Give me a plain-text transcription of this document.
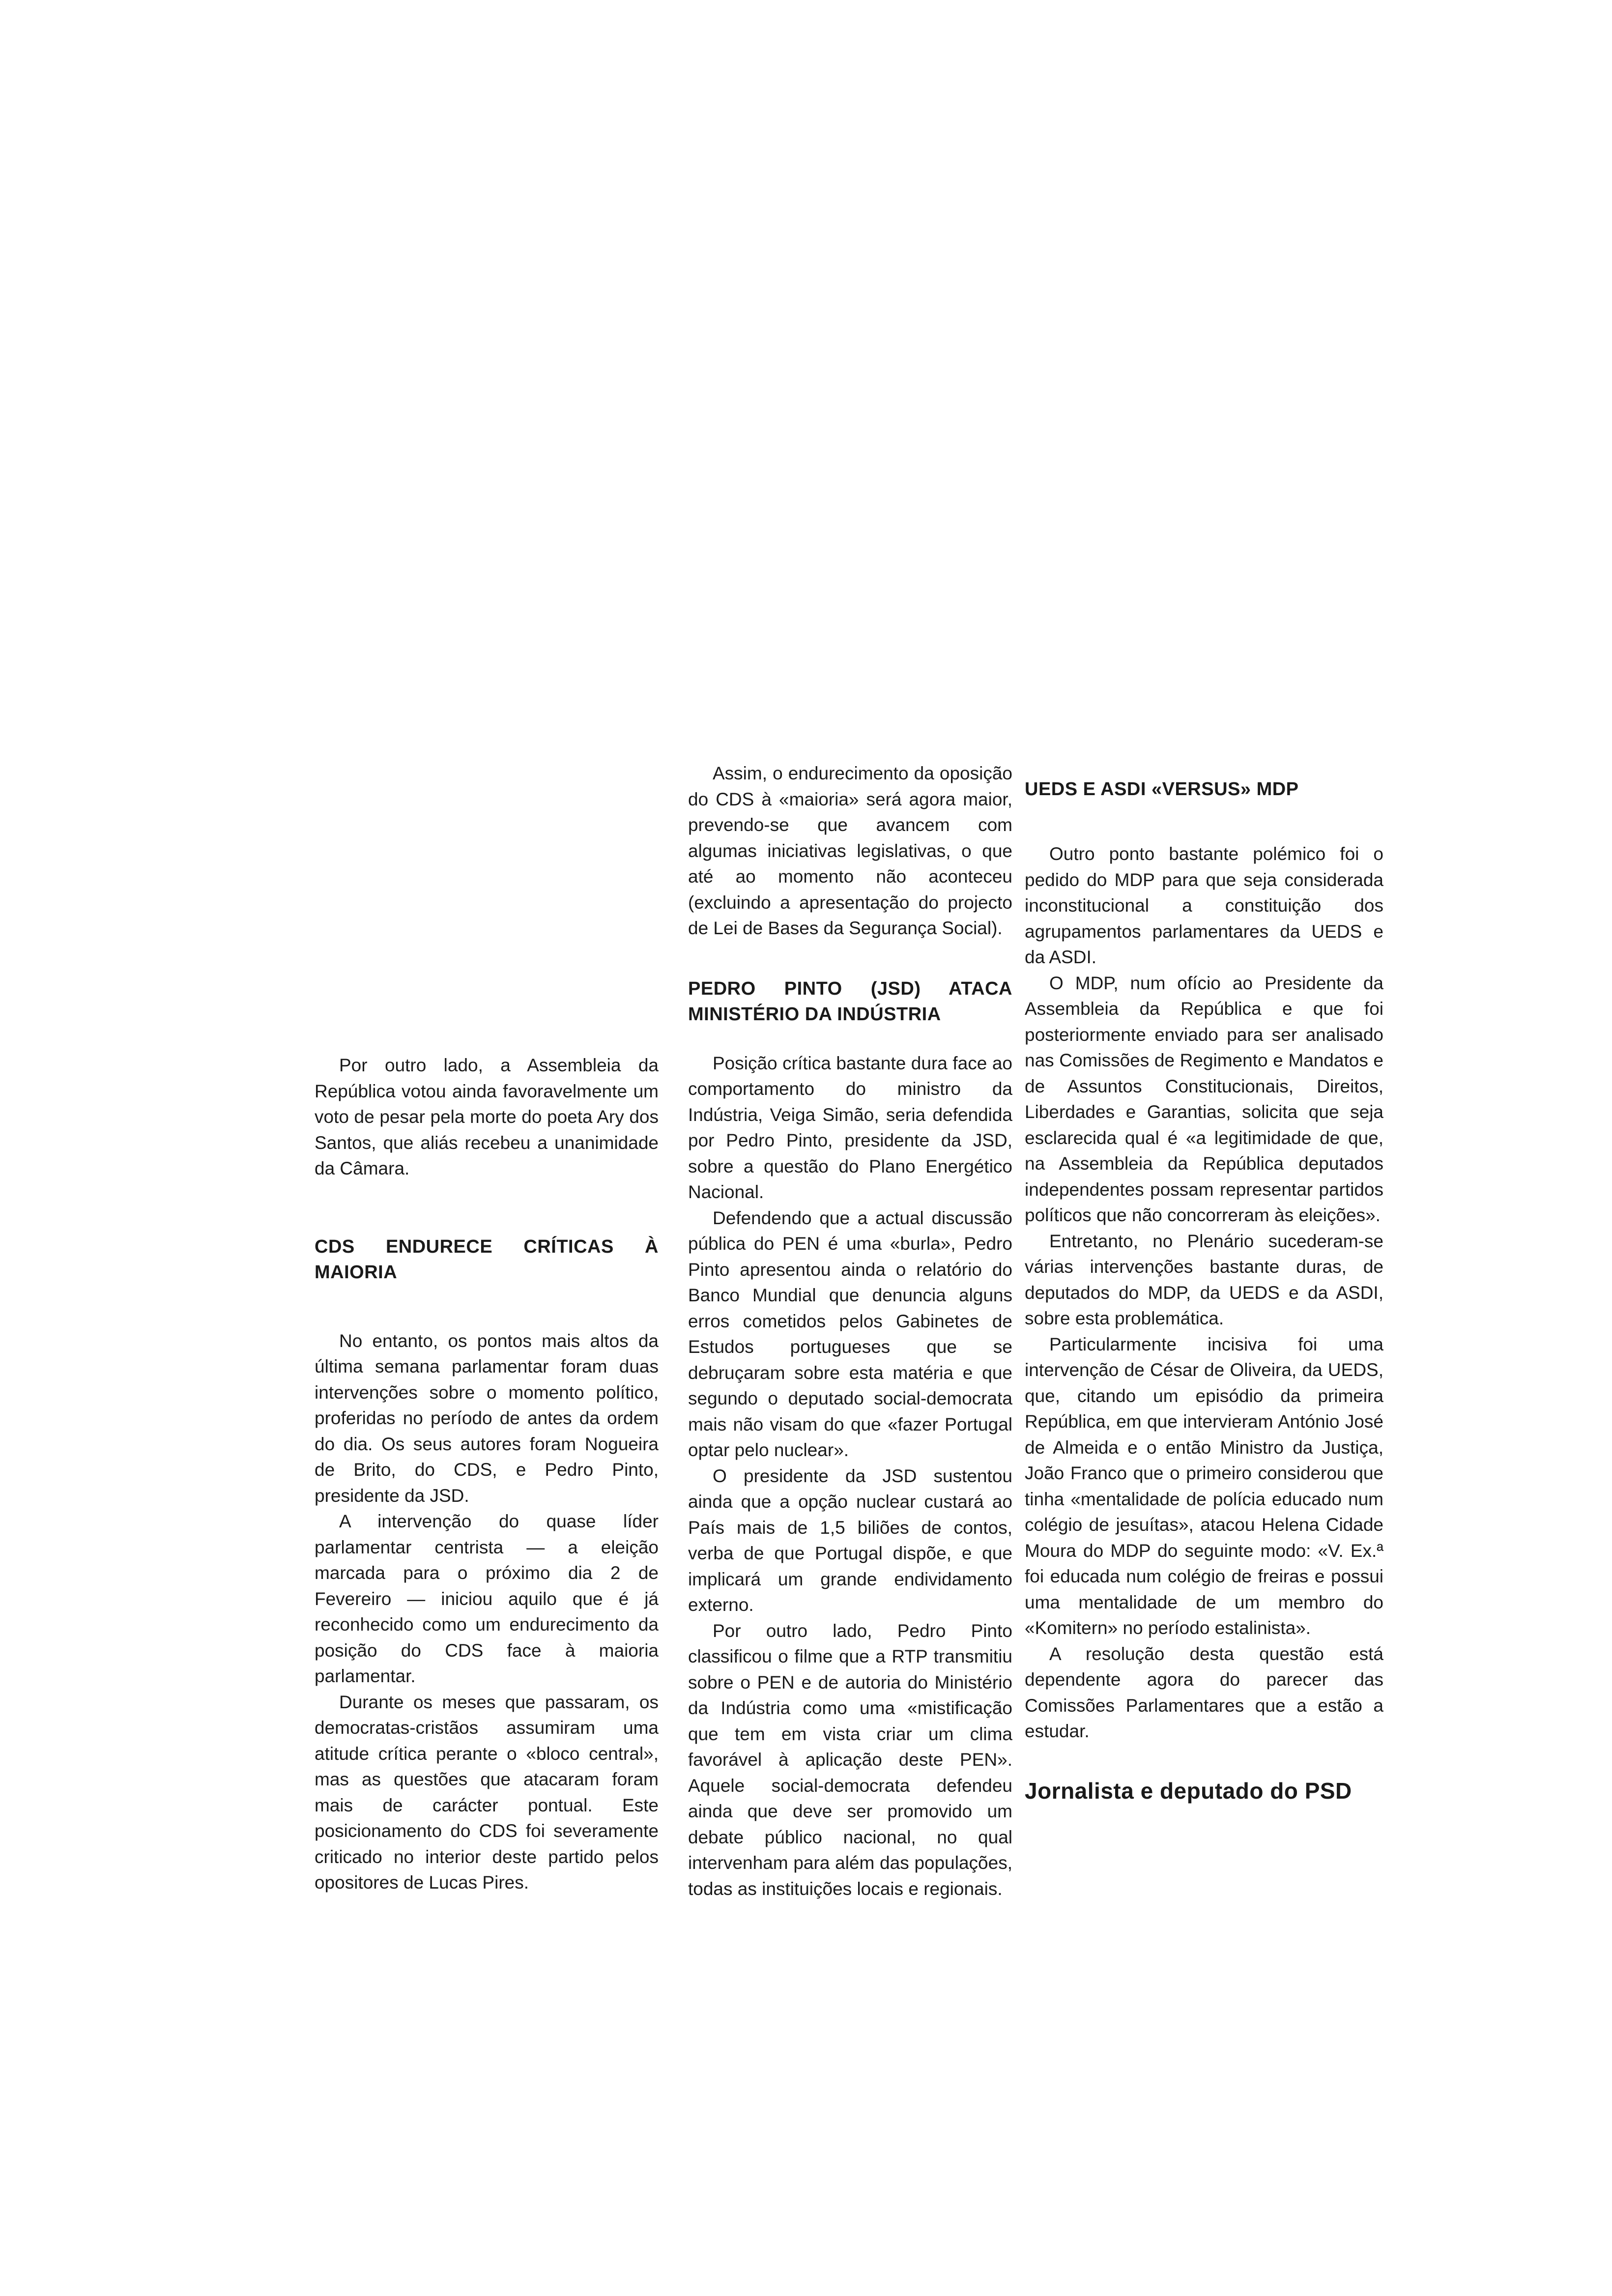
Por outro lado, a Assembleia da República votou ainda favoravelmente um voto de pesar pela morte do poeta Ary dos Santos, que aliás recebeu a unanimidade da Câmara.

CDS ENDURECE CRÍTICAS À MAIORIA

No entanto, os pontos mais altos da última semana parlamentar foram duas intervenções sobre o momento político, proferidas no período de antes da ordem do dia. Os seus autores foram Nogueira de Brito, do CDS, e Pedro Pinto, presidente da JSD.

A intervenção do quase líder parlamentar centrista — a eleição marcada para o próximo dia 2 de Fevereiro — iniciou aquilo que é já reconhecido como um endurecimento da posição do CDS face à maioria parlamentar.

Durante os meses que passaram, os democratas-cristãos assumiram uma atitude crítica perante o «bloco central», mas as questões que atacaram foram mais de carácter pontual. Este posicionamento do CDS foi severamente criticado no interior deste partido pelos opositores de Lucas Pires.

Assim, o endurecimento da oposição do CDS à «maioria» será agora maior, prevendo-se que avancem com algumas iniciativas legislativas, o que até ao momento não aconteceu (excluindo a apresentação do projecto de Lei de Bases da Segurança Social).

PEDRO PINTO (JSD) ATACA MINISTÉRIO DA INDÚSTRIA

Posição crítica bastante dura face ao comportamento do ministro da Indústria, Veiga Simão, seria defendida por Pedro Pinto, presidente da JSD, sobre a questão do Plano Energético Nacional.

Defendendo que a actual discussão pública do PEN é uma «burla», Pedro Pinto apresentou ainda o relatório do Banco Mundial que denuncia alguns erros cometidos pelos Gabinetes de Estudos portugueses que se debruçaram sobre esta matéria e que segundo o deputado social-democrata mais não visam do que «fazer Portugal optar pelo nuclear».

O presidente da JSD sustentou ainda que a opção nuclear custará ao País mais de 1,5 biliões de contos, verba de que Portugal dispõe, e que implicará um grande endividamento externo.

Por outro lado, Pedro Pinto classificou o filme que a RTP transmitiu sobre o PEN e de autoria do Ministério da Indústria como uma «mistificação que tem em vista criar um clima favorável à aplicação deste PEN». Aquele social-democrata defendeu ainda que deve ser promovido um debate público nacional, no qual intervenham para além das populações, todas as instituições locais e regionais.

UEDS E ASDI «VERSUS» MDP

Outro ponto bastante polémico foi o pedido do MDP para que seja considerada inconstitucional a constituição dos agrupamentos parlamentares da UEDS e da ASDI.

O MDP, num ofício ao Presidente da Assembleia da República e que foi posteriormente enviado para ser analisado nas Comissões de Regimento e Mandatos e de Assuntos Constitucionais, Direitos, Liberdades e Garantias, solicita que seja esclarecida qual é «a legitimidade de que, na Assembleia da República deputados independentes possam representar partidos políticos que não concorreram às eleições».

Entretanto, no Plenário sucederam-se várias intervenções bastante duras, de deputados do MDP, da UEDS e da ASDI, sobre esta problemática.

Particularmente incisiva foi uma intervenção de César de Oliveira, da UEDS, que, citando um episódio da primeira República, em que intervieram António José de Almeida e o então Ministro da Justiça, João Franco que o primeiro considerou que tinha «mentalidade de polícia educado num colégio de jesuítas», atacou Helena Cidade Moura do MDP do seguinte modo: «V. Ex.ª foi educada num colégio de freiras e possui uma mentalidade de um membro do «Komitern» no período estalinista».

A resolução desta questão está dependente agora do parecer das Comissões Parlamentares que a estão a estudar.

Jornalista e deputado do PSD
